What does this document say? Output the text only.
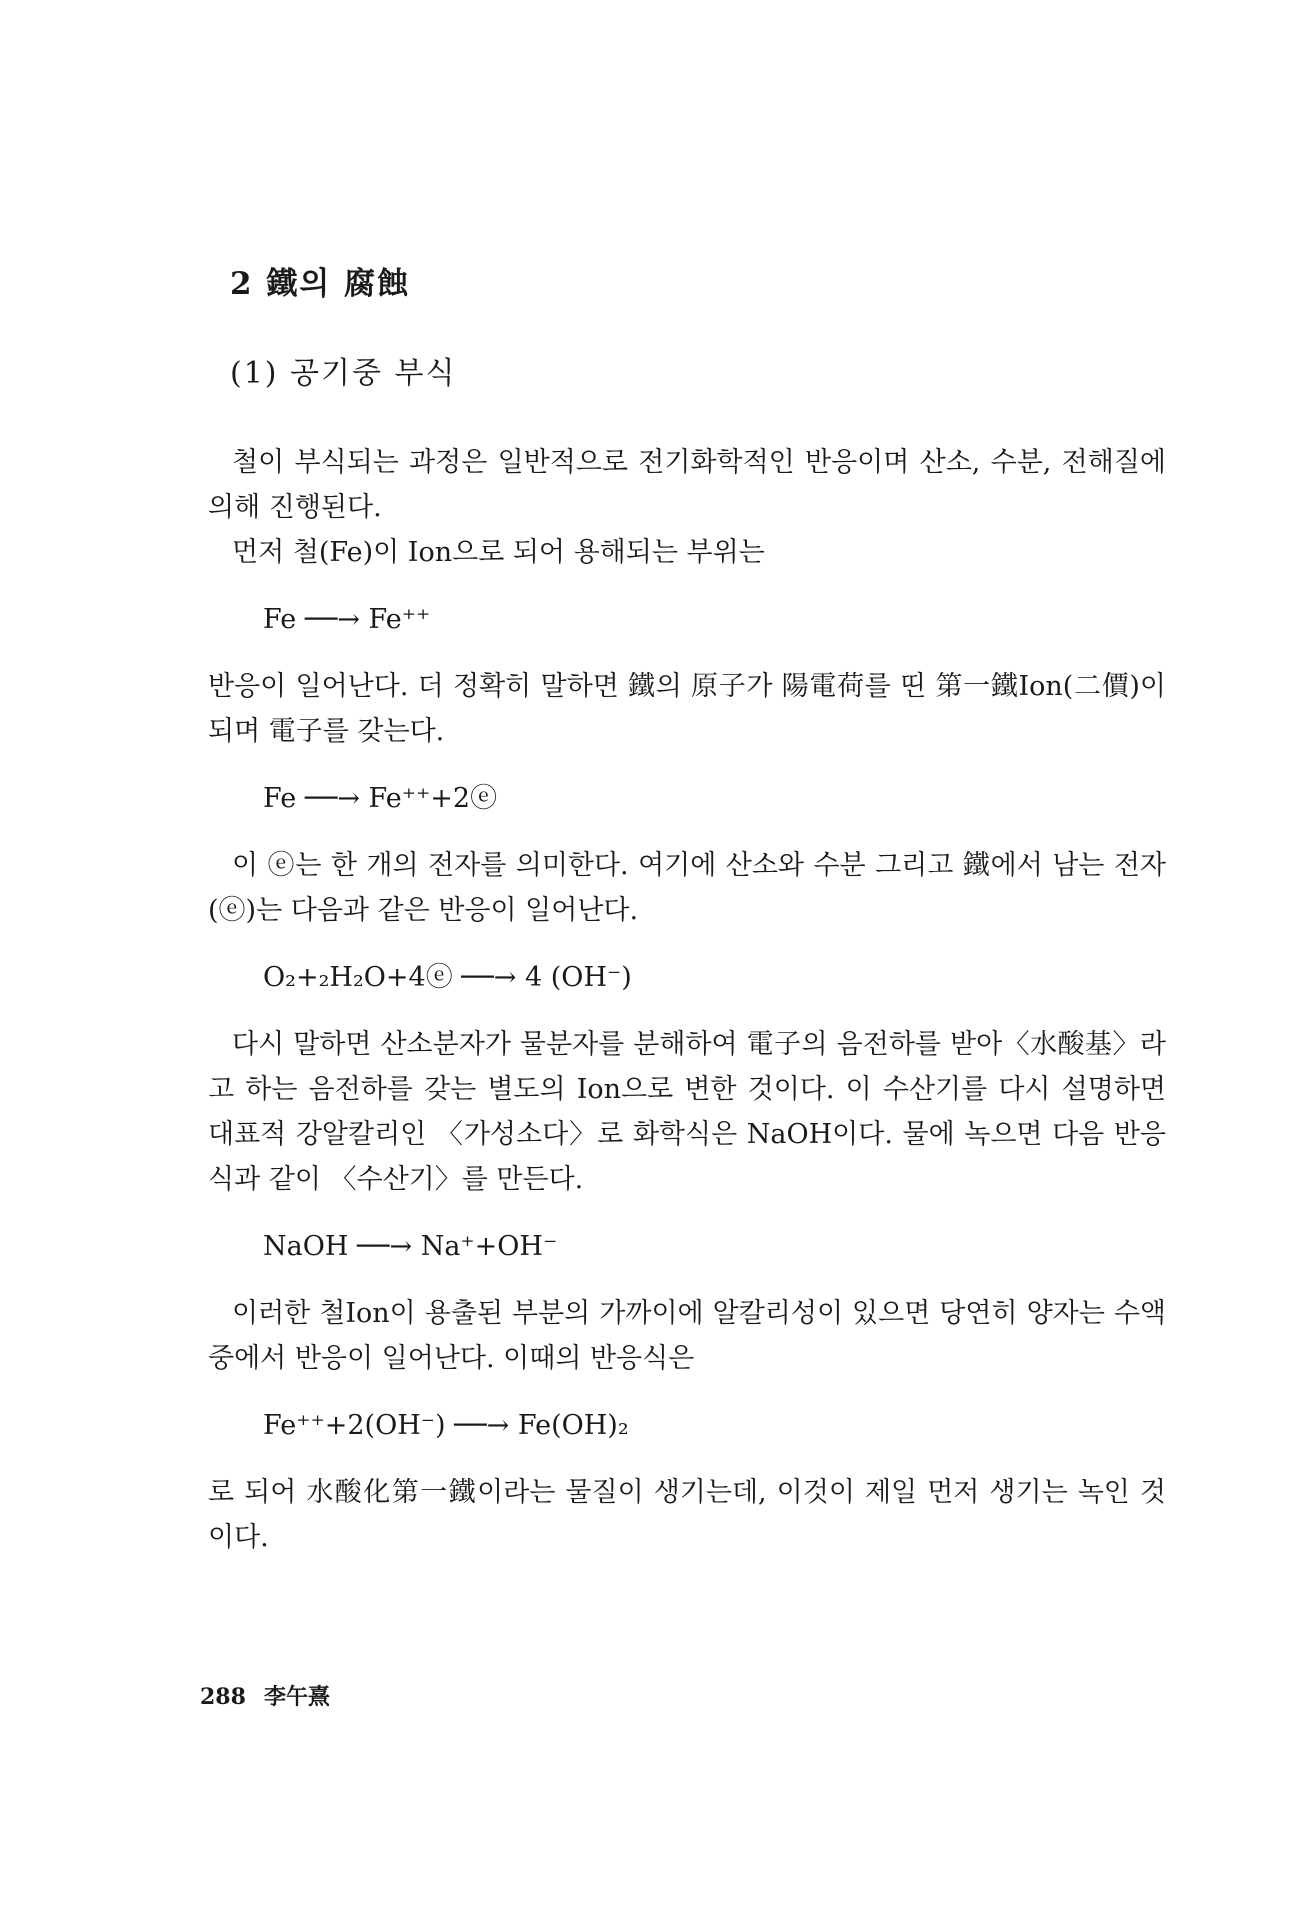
2 鐵의 腐蝕
(1) 공기중 부식

철이 부식되는 과정은 일반적으로 전기화학적인 반응이며 산소, 수분, 전해질에 의해 진행된다.

먼저 철(Fe)이 Ion으로 되어 용해되는 부위는

Fe ──→ Fe⁺⁺

반응이 일어난다. 더 정확히 말하면 鐵의 原子가 陽電荷를 띤 第一鐵Ion(二價)이 되며 電子를 갖는다.

Fe ──→ Fe⁺⁺+2ⓔ

이 ⓔ는 한 개의 전자를 의미한다. 여기에 산소와 수분 그리고 鐵에서 남는 전자(ⓔ)는 다음과 같은 반응이 일어난다.

O₂+₂H₂O+4ⓔ ──→ 4 (OH⁻)

다시 말하면 산소분자가 물분자를 분해하여 電子의 음전하를 받아〈水酸基〉라고 하는 음전하를 갖는 별도의 Ion으로 변한 것이다. 이 수산기를 다시 설명하면 대표적 강알칼리인 〈가성소다〉로 화학식은 NaOH이다. 물에 녹으면 다음 반응식과 같이 〈수산기〉를 만든다.

NaOH ──→ Na⁺+OH⁻

이러한 철Ion이 용출된 부분의 가까이에 알칼리성이 있으면 당연히 양자는 수액 중에서 반응이 일어난다. 이때의 반응식은

Fe⁺⁺+2(OH⁻) ──→ Fe(OH)₂

로 되어 水酸化第一鐵이라는 물질이 생기는데, 이것이 제일 먼저 생기는 녹인 것이다.

288 李午熹
